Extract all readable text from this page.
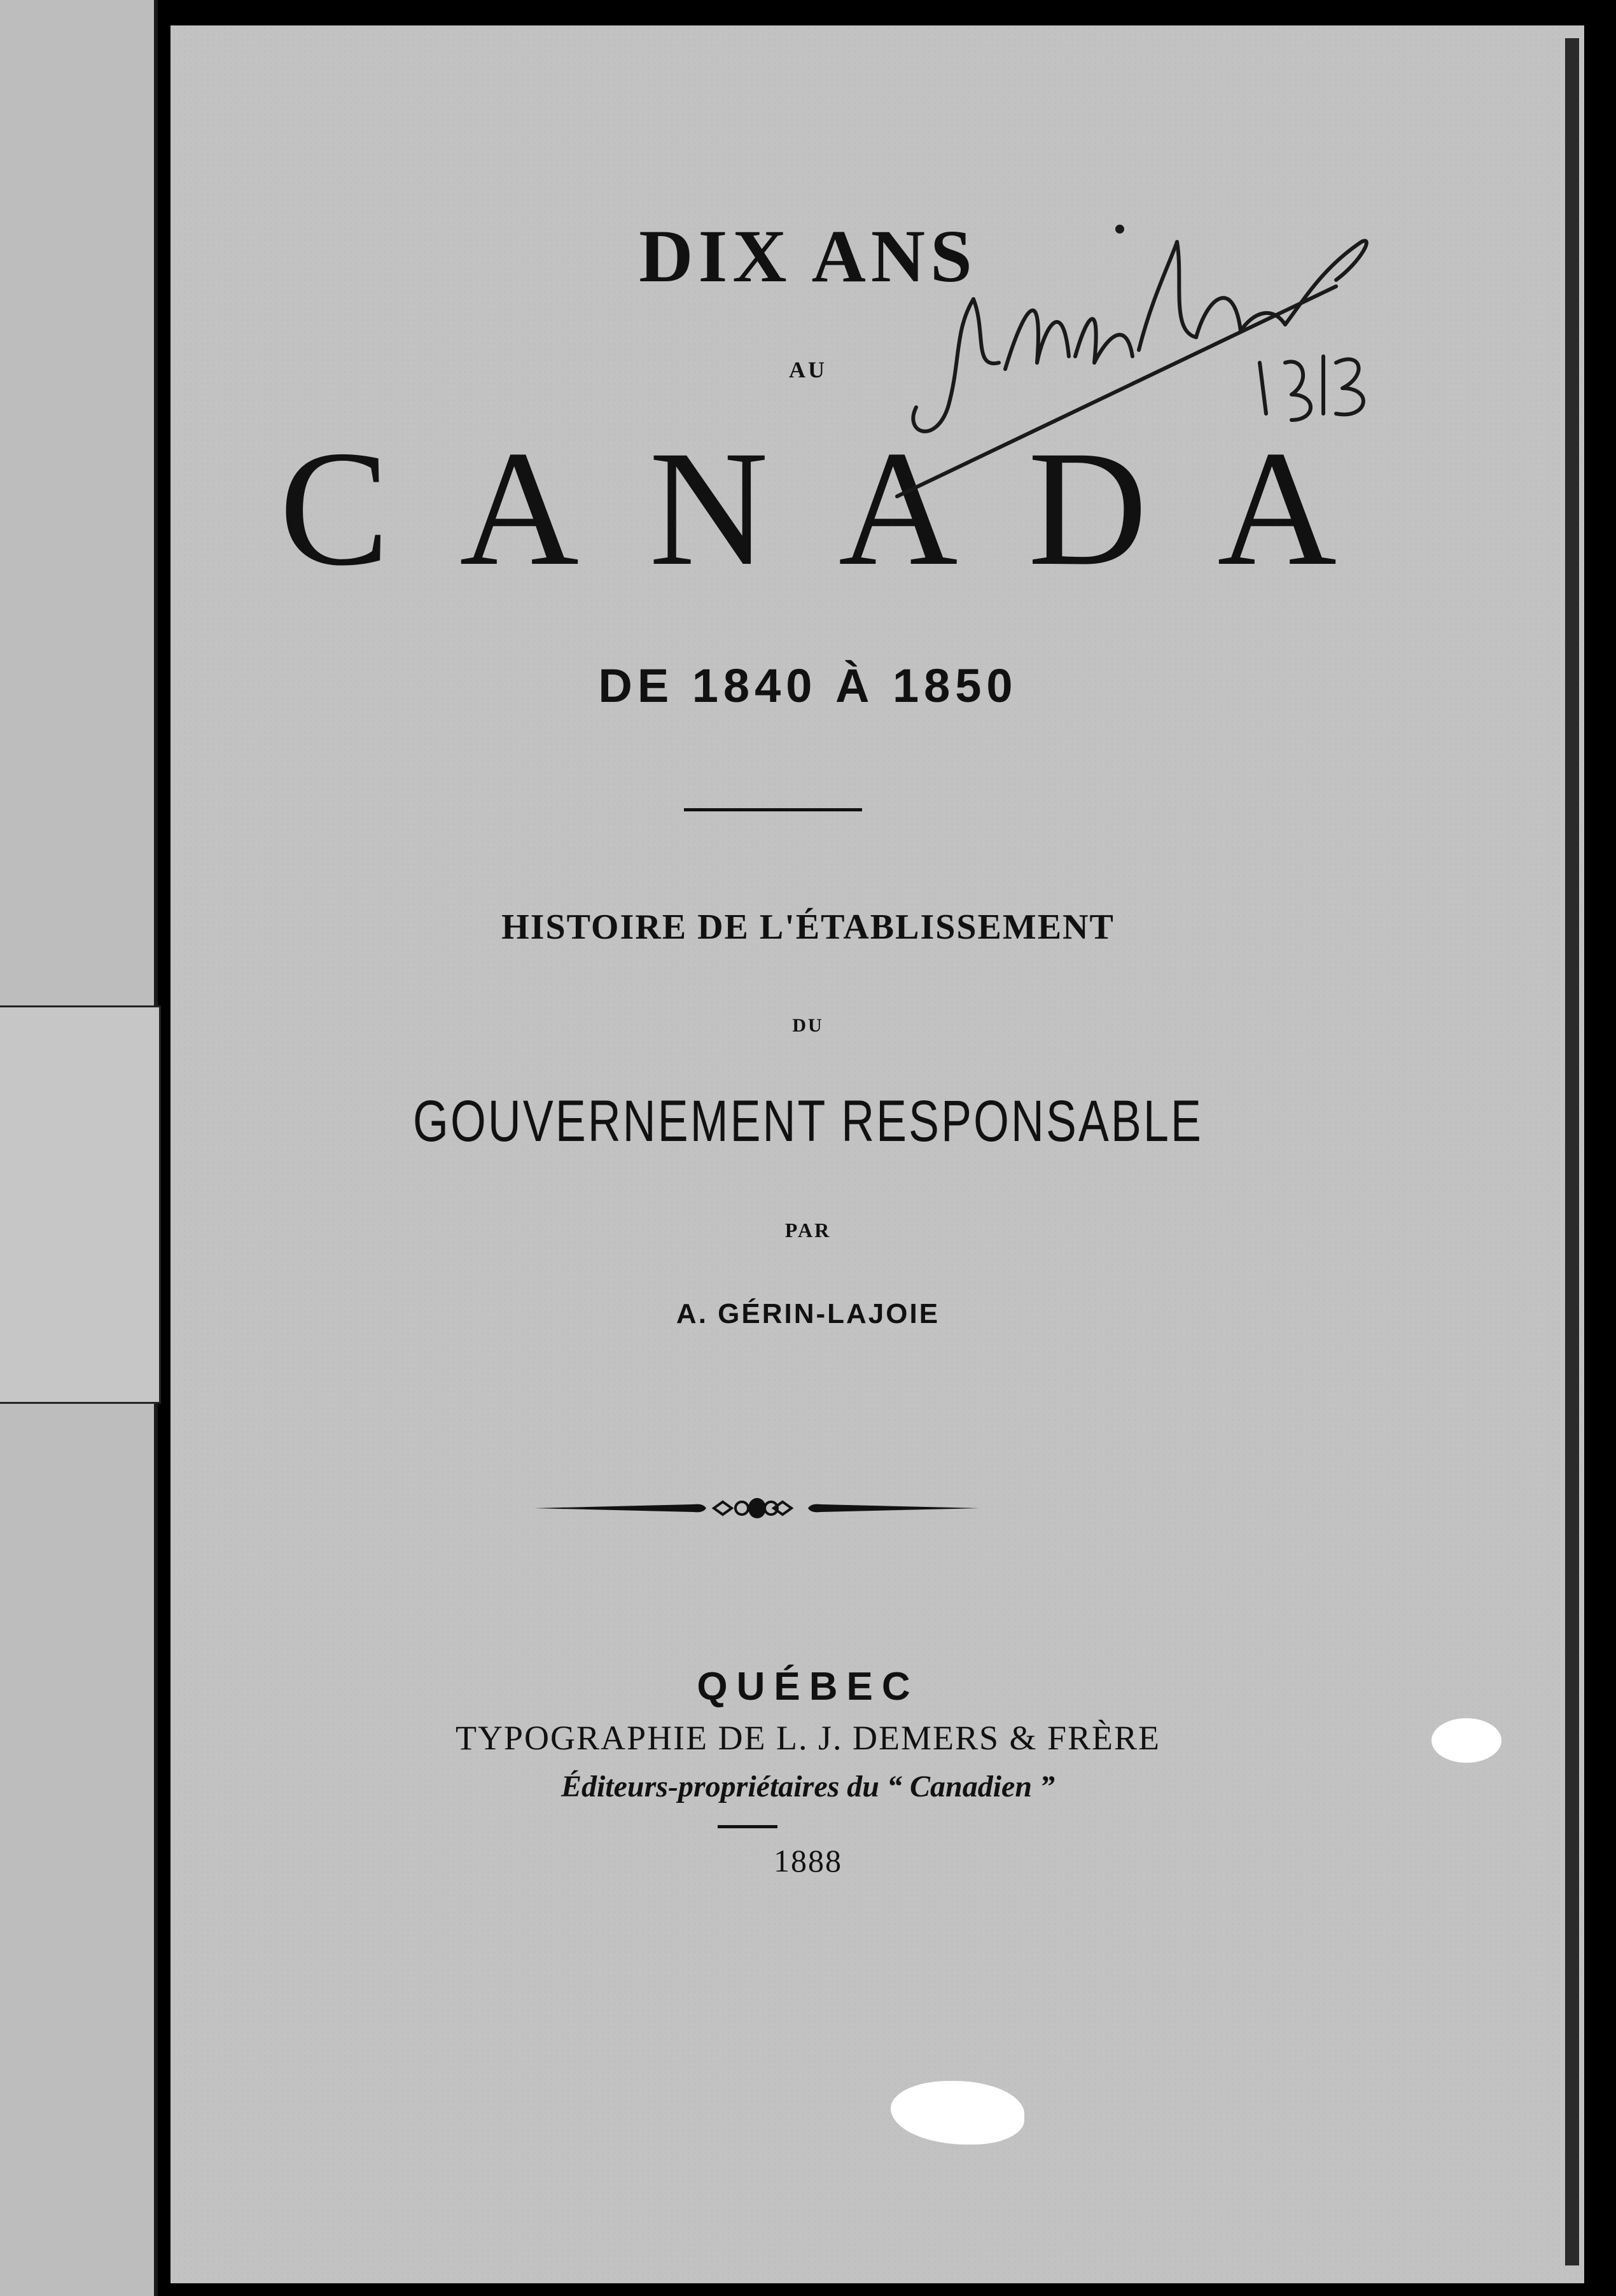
DIX ANS
AU
CANADA
DE 1840 À 1850
HISTOIRE DE L'ÉTABLISSEMENT
DU
GOUVERNEMENT RESPONSABLE
PAR
A. GÉRIN-LAJOIE
QUÉBEC
TYPOGRAPHIE DE L. J. DEMERS & FRÈRE
Éditeurs-propriétaires du “ Canadien ”
1888
